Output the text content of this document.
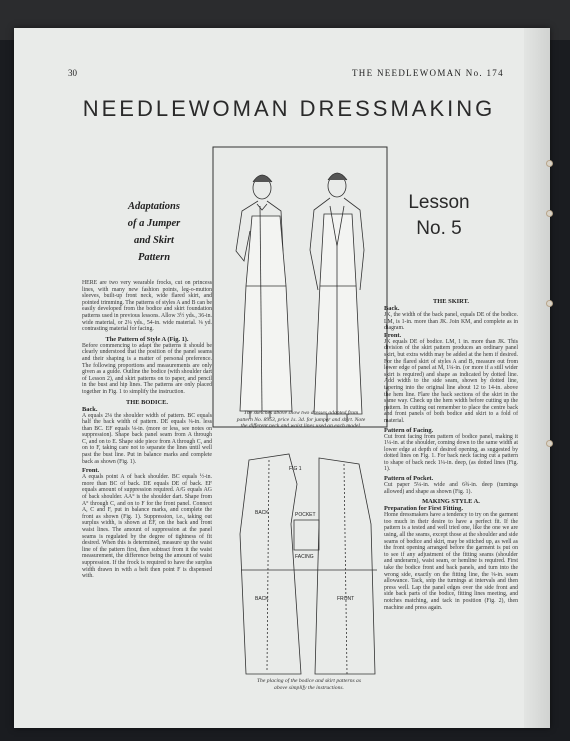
30	THE NEEDLEWOMAN No. 174
NEEDLEWOMAN DRESSMAKING
Adaptations
of a Jumper
and Skirt
Pattern
Lesson
No. 5
The sketches above show two dresses adapted from pattern No. 8953, price 1s. 3d. for jumper and shirt. Note the different neck and waist lines used on each model.
FIG 1
BACK	POCKET
FACING
BACK	FRONT
The placing of the bodice and skirt patterns as above simplify the instructions.
HERE are two very wearable frocks, cut on princess lines, with many new fashion points, leg-o-mutton sleeves, built-up front neck, wide flared skirt, and pointed trimming. The patterns of styles A and B can be easily developed from the bodice and skirt foundation patterns used in previous lessons. Allow 3½ yds., 36-in. wide material, or 2¼ yds., 54-in. wide material. ⅛ yd. contrasting material for facing.
The Pattern of Style A (Fig. 1).
Before commencing to adapt the patterns it should be clearly understood that the position of the panel seams and their shaping is a matter of personal preference. The following proportions and measurements are only given as a guide. Outline the bodice (with shoulder dart of Lesson 2), and skirt patterns on to paper, and pencil in the bust and hip lines. The patterns are only placed together in Fig. 1 to simplify the instruction.
THE BODICE.
Back.
A equals 2⅛ the shoulder width of pattern. BC equals half the back width of pattern. DE equals ⅛-in. less than BC. EF equals ⅛-in. (more or less, see notes on suppression). Shape back panel seam from A through C, and on to E. Shape side piece from A through C, and on to F, taking care not to separate the lines until well past the bust line. Put in balance marks and complete back as shown (Fig. 1).
Front.
A equals point A of back shoulder. BC equals ½-in. more than BC of back. DE equals DE of back. EF equals amount of suppression required. A/G equals AG of back shoulder. AA° is the shoulder dart. Shape from A° through C, and on to F for the front panel. Connect A, C and F, put in balance marks, and complete the front as shown (Fig. 1). Suppression, i.e., taking out surplus width, is shown at EF, on the back and front waist lines. The amount of suppression at the panel seams is regulated by the degree of tightness of fit desired. When this is determined, measure up the waist line of the pattern first, then subtract from it the waist measurement, the difference being the amount of waist suppression. If the frock is required to have the surplus width drawn in with a belt then point F is dispensed with.
THE SKIRT.
Back.
JK, the width of the back panel, equals DE of the bodice. LM, is 1-in. more than JK. Join KM, and complete as in diagram.
Front.
JK equals DE of bodice. LM, 1 in. more than JK. This division of the skirt pattern produces an ordinary panel skirt, but extra width may be added at the hem if desired. For the flared skirt of styles A and B, measure out from lower edge of panel at M, 1¼-in. (or more if a still wider skirt is required) and shape as indicated by dotted line. Add width to the side seam, shown by dotted line, tapering into the original line about 12 to 14-in. above the hem line. Flare the back sections of the skirt in the same way. Check up the hem width before cutting up the pattern. In cutting out remember to place the centre back and front panels of both bodice and skirt to a fold of material.
Pattern of Facing.
Cut front facing from pattern of bodice panel, making it 1¼-in. at the shoulder, coming down to the same width at lower edge at depth of desired opening, as suggested by dotted lines on Fig. 1. For back neck facing cut a pattern to shape of back neck 1¼-in. deep, (as dotted lines (Fig. 1).
Pattern of Pocket.
Cut paper 5¼-in. wide and 6¾-in. deep (turnings allowed) and shape as shown (Fig. 1).
MAKING STYLE A.
Preparation for First Fitting.
Home dressmakers have a tendency to try on the garment too much in their desire to have a perfect fit. If the pattern is a tested and well tried one, like the one we are using, all the seams, except those at the shoulder and side seams of bodice and skirt, may be stitched up, as well as the front opening arranged before the garment is put on to see if any adjustment of the fitting seams (shoulder and underarm), waist seam, or hemline is required. First take the bodice front and back panels, and turn into the wrong side, exactly on the fitting line, the ⅛-in. seam allowance. Tack, snip the turnings at intervals and then press well. Lap the panel edges over the side front and side back parts of the bodice, fitting lines meeting, and notches matching, and tack in position (Fig. 2), then machine and press again.
